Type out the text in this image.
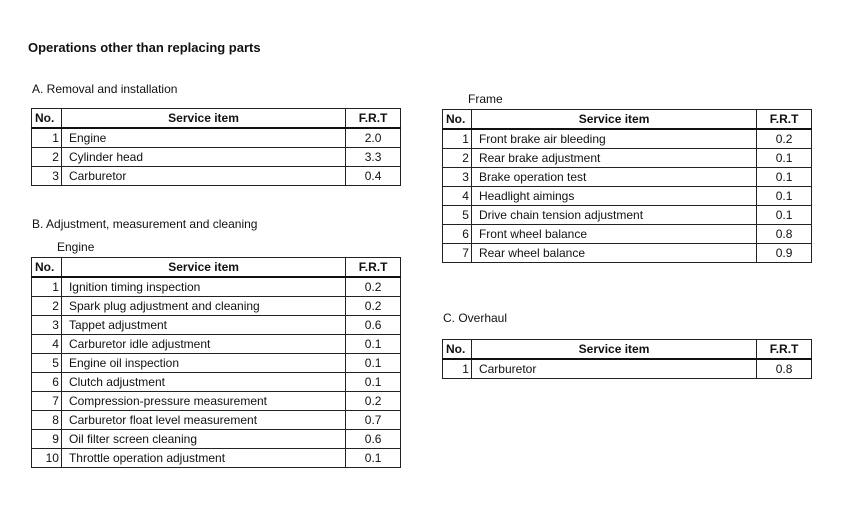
Operations other than replacing parts
A. Removal and installation
No.	Service item	F.R.T
1	Engine	2.0
2	Cylinder head	3.3
3	Carburetor	0.4
B. Adjustment, measurement and cleaning
Engine
No.	Service item	F.R.T
1	Ignition timing inspection	0.2
2	Spark plug adjustment and cleaning	0.2
3	Tappet adjustment	0.6
4	Carburetor idle adjustment	0.1
5	Engine oil inspection	0.1
6	Clutch adjustment	0.1
7	Compression-pressure measurement	0.2
8	Carburetor float level measurement	0.7
9	Oil filter screen cleaning	0.6
10	Throttle operation adjustment	0.1
Frame
No.	Service item	F.R.T
1	Front brake air bleeding	0.2
2	Rear brake adjustment	0.1
3	Brake operation test	0.1
4	Headlight aimings	0.1
5	Drive chain tension adjustment	0.1
6	Front wheel balance	0.8
7	Rear wheel balance	0.9
C. Overhaul
No.	Service item	F.R.T
1	Carburetor	0.8
